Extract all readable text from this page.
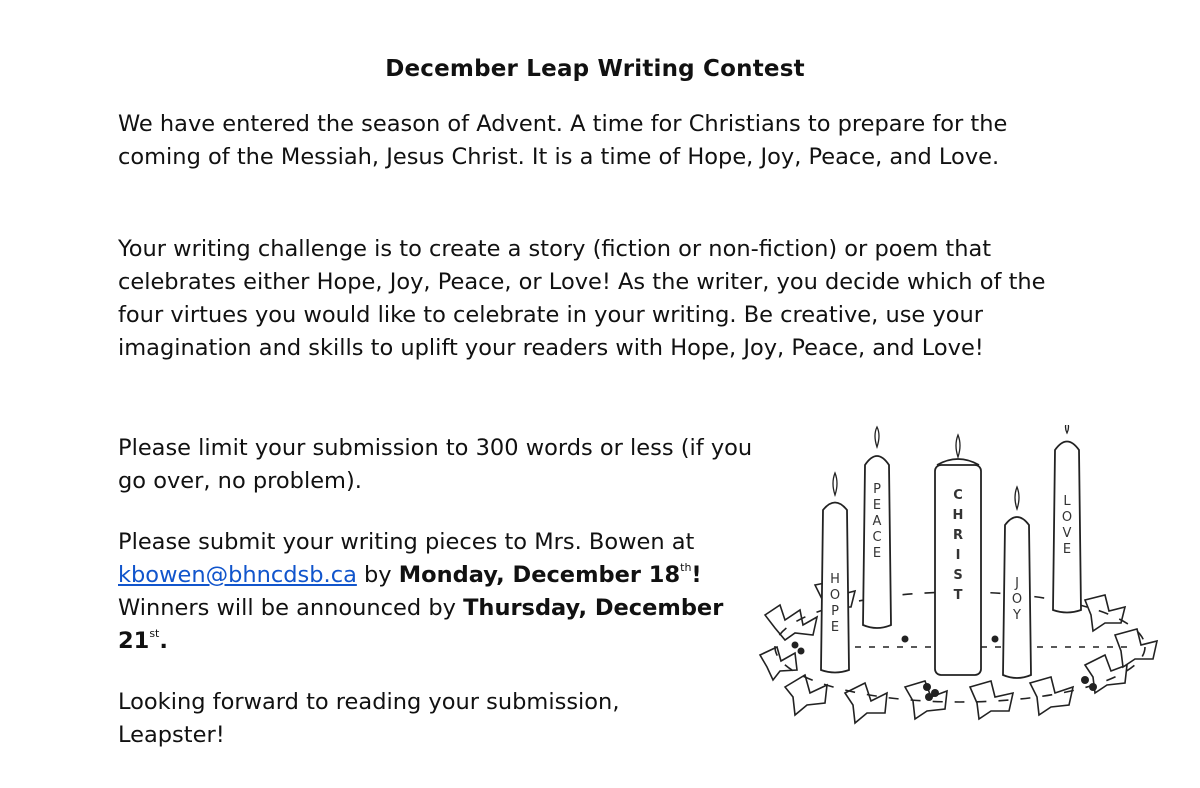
December Leap Writing Contest

We have entered the season of Advent. A time for Christians to prepare for the coming of the Messiah, Jesus Christ. It is a time of Hope, Joy, Peace, and Love.

Your writing challenge is to create a story (fiction or non-fiction) or poem that celebrates either Hope, Joy, Peace, or Love! As the writer, you decide which of the four virtues you would like to celebrate in your writing. Be creative, use your imagination and skills to uplift your readers with Hope, Joy, Peace, and Love!

Please limit your submission to 300 words or less (if you go over, no problem).

Please submit your writing pieces to Mrs. Bowen at kbowen@bhncdsb.ca by Monday, December 18th! Winners will be announced by Thursday, December 21st.

Looking forward to reading your submission,
Leapster!

H
O
P
E
P
E
A
C
E
C
H
R
I
S
T
J
O
Y
L
O
V
E
